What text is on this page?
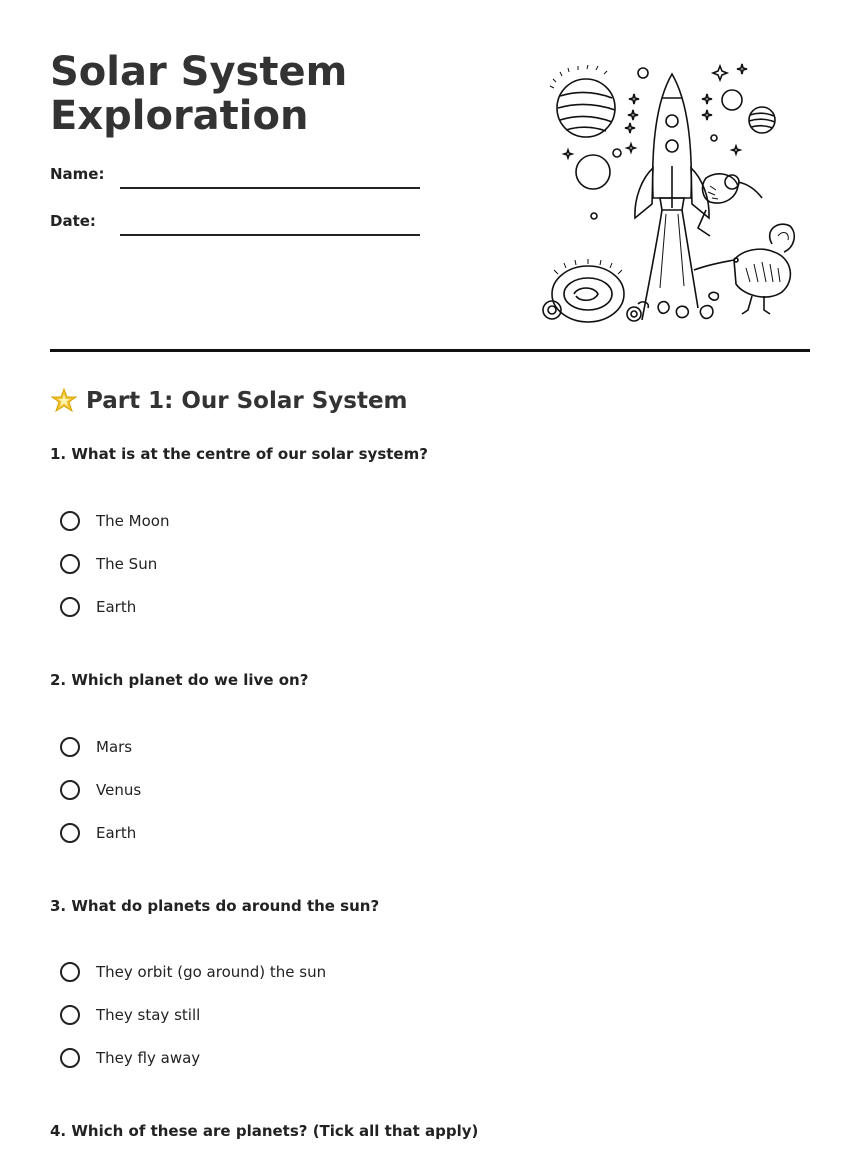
Solar System
Exploration
Name:
Date:
Part 1: Our Solar System

1. What is at the centre of our solar system?

The Moon
The Sun
Earth

2. Which planet do we live on?

Mars
Venus
Earth

3. What do planets do around the sun?

They orbit (go around) the sun
They stay still
They fly away

4. Which of these are planets? (Tick all that apply)
